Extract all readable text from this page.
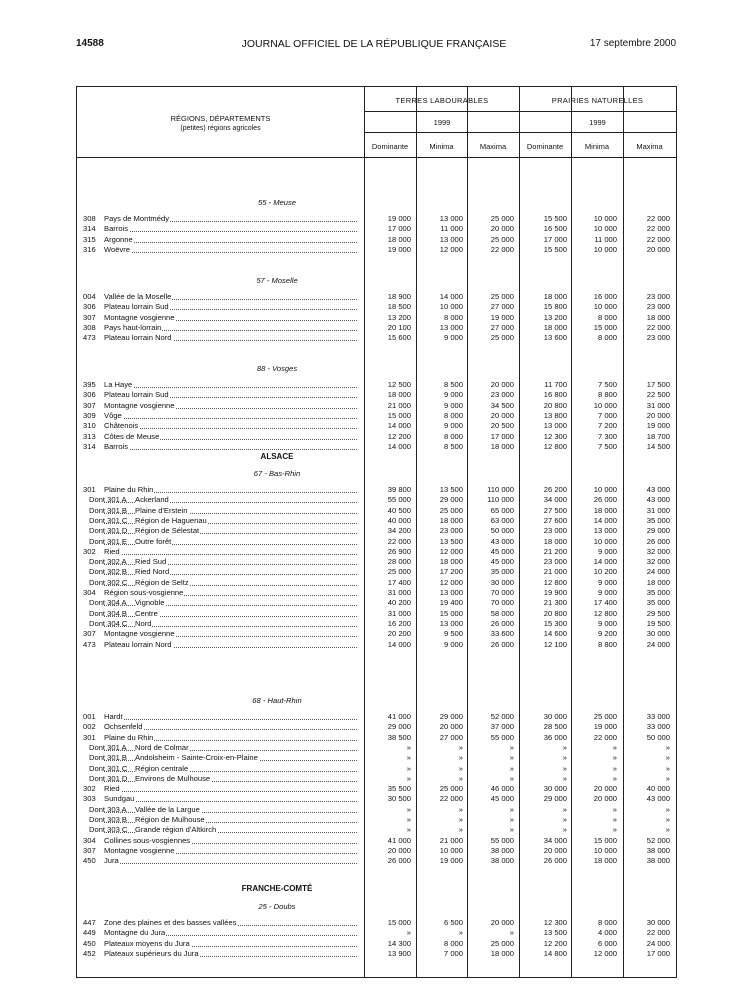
14588	JOURNAL OFFICIEL DE LA RÉPUBLIQUE FRANÇAISE	17 septembre 2000
RÉGIONS, DÉPARTEMENTS
(petites) régions agricoles
TERRES LABOURABLES	PRAIRIES NATURELLES
1999	1999
Dominante	Minima	Maxima	Dominante	Minima	Maxima
55 - Meuse
308 Pays de Montmédy	19 000	13 000	25 000	15 500	10 000	22 000
314 Barrois	17 000	11 000	20 000	16 500	10 000	22 000
315 Argonne	18 000	13 000	25 000	17 000	11 000	22 000
316 Woëvre	19 000	12 000	22 000	15 500	10 000	20 000
57 - Moselle
004 Vallée de la Moselle	18 900	14 000	25 000	18 000	16 000	23 000
306 Plateau lorrain Sud	18 500	10 000	27 000	15 800	10 000	23 000
307 Montagne vosgienne	13 200	8 000	19 000	13 200	8 000	18 000
308 Pays haut-lorrain	20 100	13 000	27 000	18 000	15 000	22 000
473 Plateau lorrain Nord	15 600	9 000	25 000	13 600	8 000	23 000
88 - Vosges
395 La Haye	12 500	8 500	20 000	11 700	7 500	17 500
306 Plateau lorrain Sud	18 000	9 000	23 000	16 800	8 800	22 500
307 Montagne vosgienne	21 000	9 000	34 500	20 800	10 000	31 000
309 Vôge	15 000	8 000	20 000	13 800	7 000	20 000
310 Châtenois	14 000	9 000	20 500	13 000	7 200	19 000
313 Côtes de Meuse	12 200	8 000	17 000	12 300	7 300	18 700
314 Barrois	14 000	8 500	18 000	12 800	7 500	14 500
ALSACE
67 - Bas-Rhin
301 Plaine du Rhin	39 800	13 500	110 000	26 200	10 000	43 000
Dont 301 A Ackerland	55 000	29 000	110 000	34 000	26 000	43 000
Dont 301 B Plaine d'Erstein	40 500	25 000	65 000	27 500	18 000	31 000
Dont 301 C Région de Haguenau	40 000	18 000	63 000	27 600	14 000	35 000
Dont 301 D Région de Sélestat	34 200	23 000	50 000	23 000	13 000	29 000
Dont 301 E Outre forêt	22 000	13 500	43 000	18 000	10 000	26 000
302 Ried	26 900	12 000	45 000	21 200	9 000	32 000
Dont 302 A Ried Sud	28 000	18 000	45 000	23 000	14 000	32 000
Dont 302 B Ried Nord	25 000	17 200	35 000	21 000	10 200	24 000
Dont 302 C Région de Seltz	17 400	12 000	30 000	12 800	9 000	18 000
304 Région sous-vosgienne	31 000	13 000	70 000	19 900	9 000	35 000
Dont 304 A Vignoble	40 200	19 400	70 000	21 300	17 400	35 000
Dont 304 B Centre	31 000	15 000	58 000	20 800	12 800	29 500
Dont 304 C Nord	16 200	13 000	26 000	15 300	9 000	19 500
307 Montagne vosgienne	20 200	9 500	33 600	14 600	9 200	30 000
473 Plateau lorrain Nord	14 000	9 000	26 000	12 100	8 800	24 000
68 - Haut-Rhin
001 Hardt	41 000	29 000	52 000	30 000	25 000	33 000
002 Ochsenfeld	29 000	20 000	37 000	28 500	19 000	33 000
301 Plaine du Rhin	38 500	27 000	55 000	36 000	22 000	50 000
Dont 301 A Nord de Colmar	»	»	»	»	»	»
Dont 301 B Andolsheim - Sainte-Croix-en-Plaine	»	»	»	»	»	»
Dont 301 C Région centrale	»	»	»	»	»	»
Dont 301 D Environs de Mulhouse	»	»	»	»	»	»
302 Ried	35 500	25 000	46 000	30 000	20 000	40 000
303 Sundgau	30 500	22 000	45 000	29 000	20 000	43 000
Dont 303 A Vallée de la Largue	»	»	»	»	»	»
Dont 303 B Région de Mulhouse	»	»	»	»	»	»
Dont 303 C Grande région d'Altkirch	»	»	»	»	»	»
304 Collines sous-vosgiennes	41 000	21 000	55 000	34 000	15 000	52 000
307 Montagne vosgienne	20 000	10 000	38 000	20 000	10 000	38 000
450 Jura	26 000	19 000	38 000	26 000	18 000	38 000
FRANCHE-COMTÉ
25 - Doubs
447 Zone des plaines et des basses vallées	15 000	6 500	20 000	12 300	8 000	30 000
449 Montagne du Jura	»	»	»	13 500	4 000	22 000
450 Plateaux moyens du Jura	14 300	8 000	25 000	12 200	6 000	24 000
452 Plateaux supérieurs du Jura	13 900	7 000	18 000	14 800	12 000	17 000
